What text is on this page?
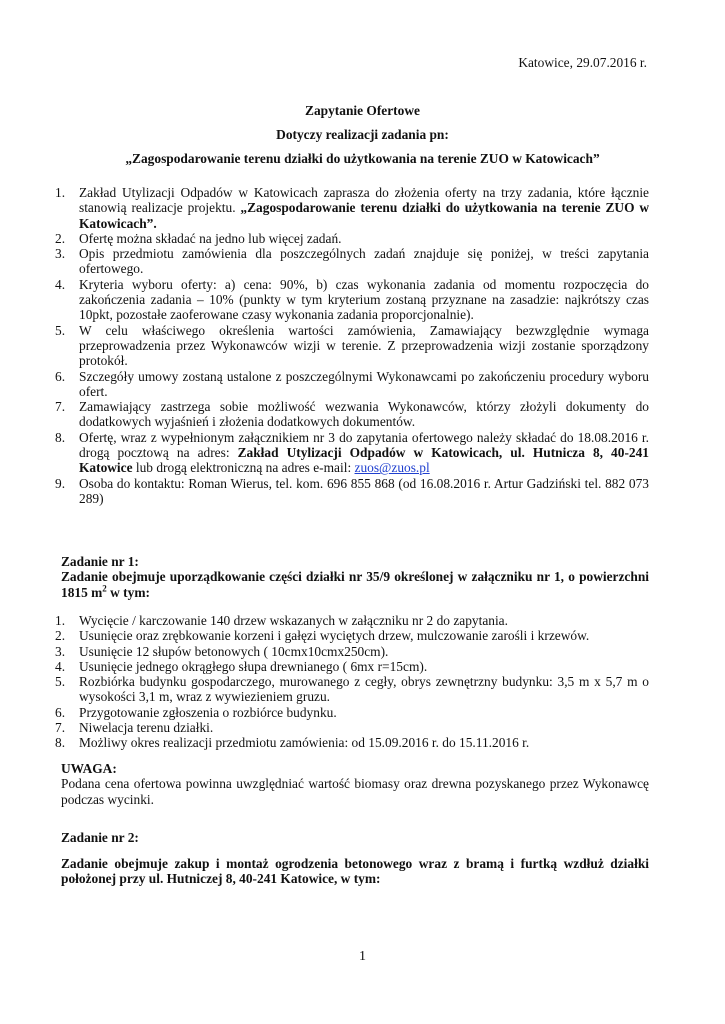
Katowice, 29.07.2016 r.
Zapytanie Ofertowe
Dotyczy realizacji zadania pn:
„Zagospodarowanie terenu działki do użytkowania na terenie ZUO w Katowicach”
1. Zakład Utylizacji Odpadów w Katowicach zaprasza do złożenia oferty na trzy zadania, które łącznie stanowią realizacje projektu. „Zagospodarowanie terenu działki do użytkowania na terenie ZUO w Katowicach”.
2. Ofertę można składać na jedno lub więcej zadań.
3. Opis przedmiotu zamówienia dla poszczególnych zadań znajduje się poniżej, w treści zapytania ofertowego.
4. Kryteria wyboru oferty: a) cena: 90%, b) czas wykonania zadania od momentu rozpoczęcia do zakończenia zadania – 10% (punkty w tym kryterium zostaną przyznane na zasadzie: najkrótszy czas 10pkt, pozostałe zaoferowane czasy wykonania zadania proporcjonalnie).
5. W celu właściwego określenia wartości zamówienia, Zamawiający bezwzględnie wymaga przeprowadzenia przez Wykonawców wizji w terenie. Z przeprowadzenia wizji zostanie sporządzony protokół.
6. Szczegóły umowy zostaną ustalone z poszczególnymi Wykonawcami po zakończeniu procedury wyboru ofert.
7. Zamawiający zastrzega sobie możliwość wezwania Wykonawców, którzy złożyli dokumenty do dodatkowych wyjaśnień i złożenia dodatkowych dokumentów.
8. Ofertę, wraz z wypełnionym załącznikiem nr 3 do zapytania ofertowego należy składać do 18.08.2016 r. drogą pocztową na adres: Zakład Utylizacji Odpadów w Katowicach, ul. Hutnicza 8, 40-241 Katowice lub drogą elektroniczną na adres e-mail: zuos@zuos.pl
9. Osoba do kontaktu: Roman Wierus, tel. kom. 696 855 868 (od 16.08.2016 r. Artur Gadziński tel. 882 073 289)
Zadanie nr 1:
Zadanie obejmuje uporządkowanie części działki nr 35/9 określonej w załączniku nr 1, o powierzchni 1815 $m^2$ w tym:
1. Wycięcie / karczowanie 140 drzew wskazanych w załączniku nr 2 do zapytania.
2. Usunięcie oraz zrębkowanie korzeni i gałęzi wyciętych drzew, mulczowanie zarośli i krzewów.
3. Usunięcie 12 słupów betonowych ( 10cmx10cmx250cm).
4. Usunięcie jednego okrągłego słupa drewnianego ( 6mx r=15cm).
5. Rozbiórka budynku gospodarczego, murowanego z cegły, obrys zewnętrzny budynku: 3,5 m x 5,7 m o wysokości 3,1 m, wraz z wywiezieniem gruzu.
6. Przygotowanie zgłoszenia o rozbiórce budynku.
7. Niwelacja terenu działki.
8. Możliwy okres realizacji przedmiotu zamówienia: od 15.09.2016 r. do 15.11.2016 r.
UWAGA:
Podana cena ofertowa powinna uwzględniać wartość biomasy oraz drewna pozyskanego przez Wykonawcę podczas wycinki.
Zadanie nr 2:
Zadanie obejmuje zakup i montaż ogrodzenia betonowego wraz z bramą i furtką wzdłuż działki położonej przy ul. Hutniczej 8, 40-241 Katowice, w tym:
1
